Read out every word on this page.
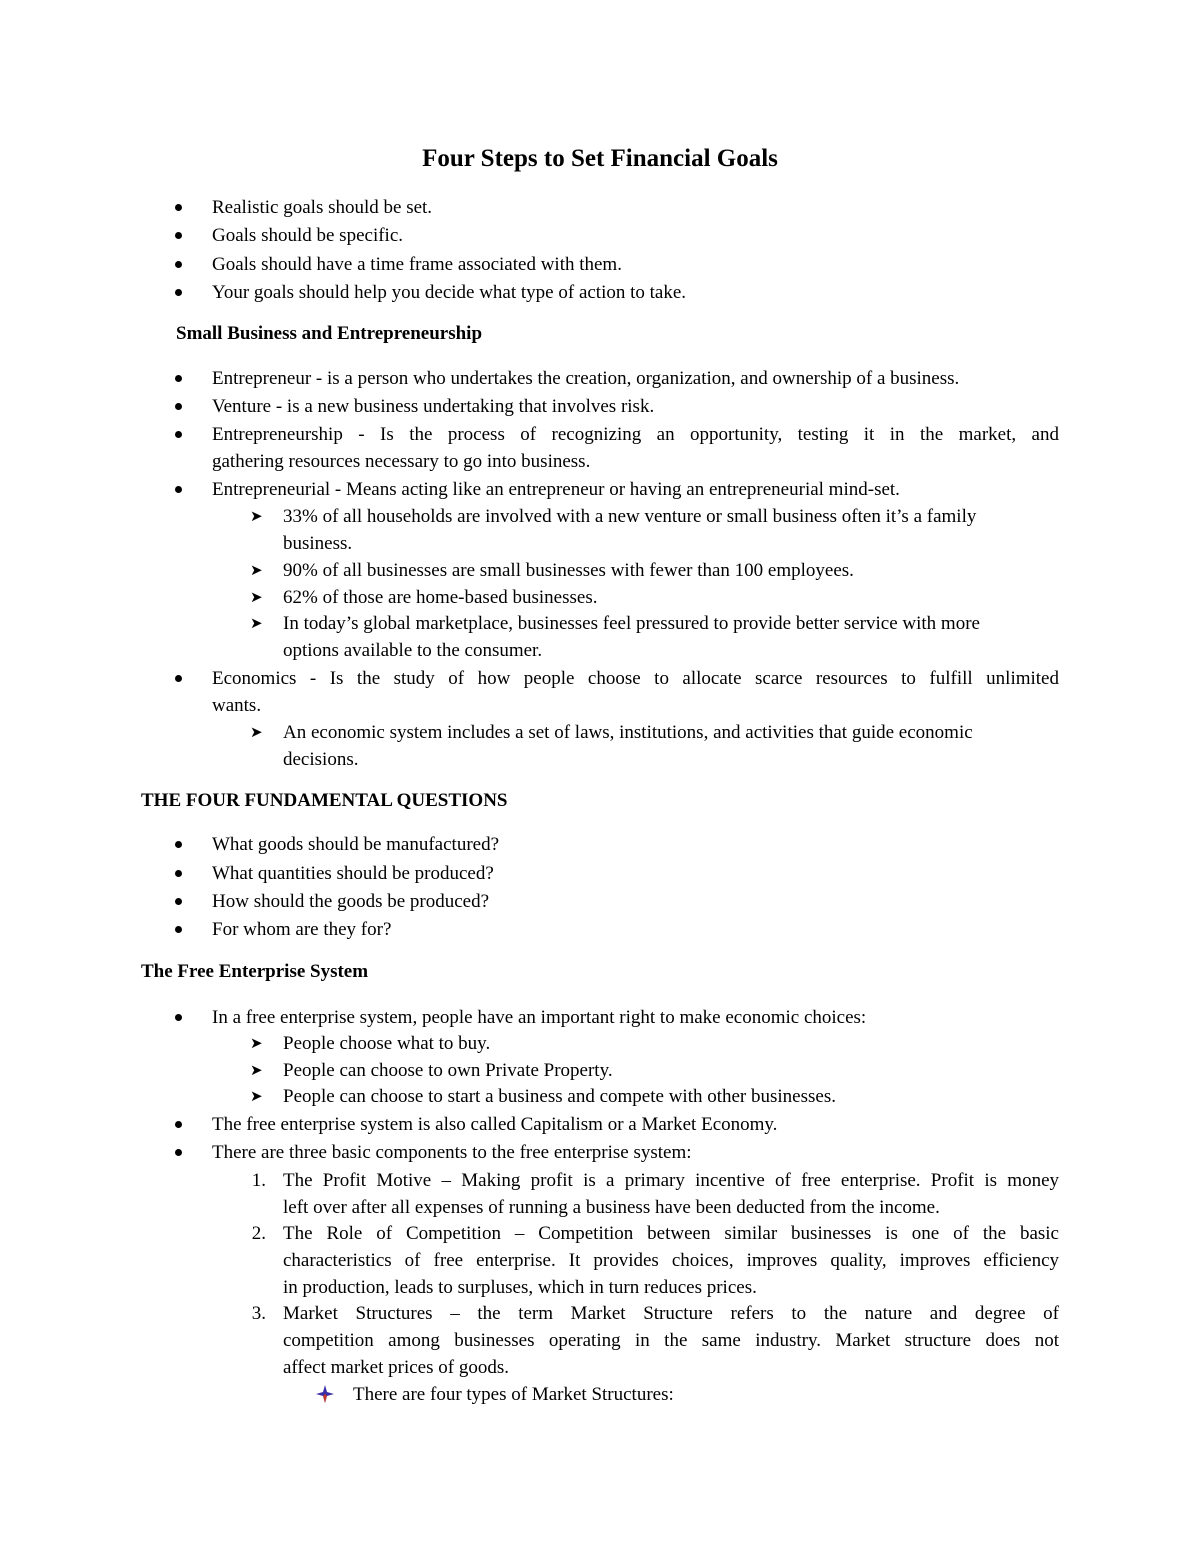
Four Steps to Set Financial Goals
Realistic goals should be set.
Goals should be specific.
Goals should have a time frame associated with them.
Your goals should help you decide what type of action to take.
Small Business and Entrepreneurship
Entrepreneur - is a person who undertakes the creation, organization, and ownership of a business.
Venture - is a new business undertaking that involves risk.
Entrepreneurship - Is the process of recognizing an opportunity, testing it in the market, and
gathering resources necessary to go into business.
Entrepreneurial - Means acting like an entrepreneur or having an entrepreneurial mind-set.
➤ 33% of all households are involved with a new venture or small business often it’s a family
business.
➤ 90% of all businesses are small businesses with fewer than 100 employees.
➤ 62% of those are home-based businesses.
➤ In today’s global marketplace, businesses feel pressured to provide better service with more
options available to the consumer.
Economics - Is the study of how people choose to allocate scarce resources to fulfill unlimited
wants.
➤ An economic system includes a set of laws, institutions, and activities that guide economic
decisions.
THE FOUR FUNDAMENTAL QUESTIONS
What goods should be manufactured?
What quantities should be produced?
How should the goods be produced?
For whom are they for?
The Free Enterprise System
In a free enterprise system, people have an important right to make economic choices:
➤ People choose what to buy.
➤ People can choose to own Private Property.
➤ People can choose to start a business and compete with other businesses.
The free enterprise system is also called Capitalism or a Market Economy.
There are three basic components to the free enterprise system:
1. The Profit Motive – Making profit is a primary incentive of free enterprise. Profit is money
left over after all expenses of running a business have been deducted from the income.
2. The Role of Competition – Competition between similar businesses is one of the basic
characteristics of free enterprise. It provides choices, improves quality, improves efficiency
in production, leads to surpluses, which in turn reduces prices.
3. Market Structures – the term Market Structure refers to the nature and degree of
competition among businesses operating in the same industry. Market structure does not
affect market prices of goods.
There are four types of Market Structures:
